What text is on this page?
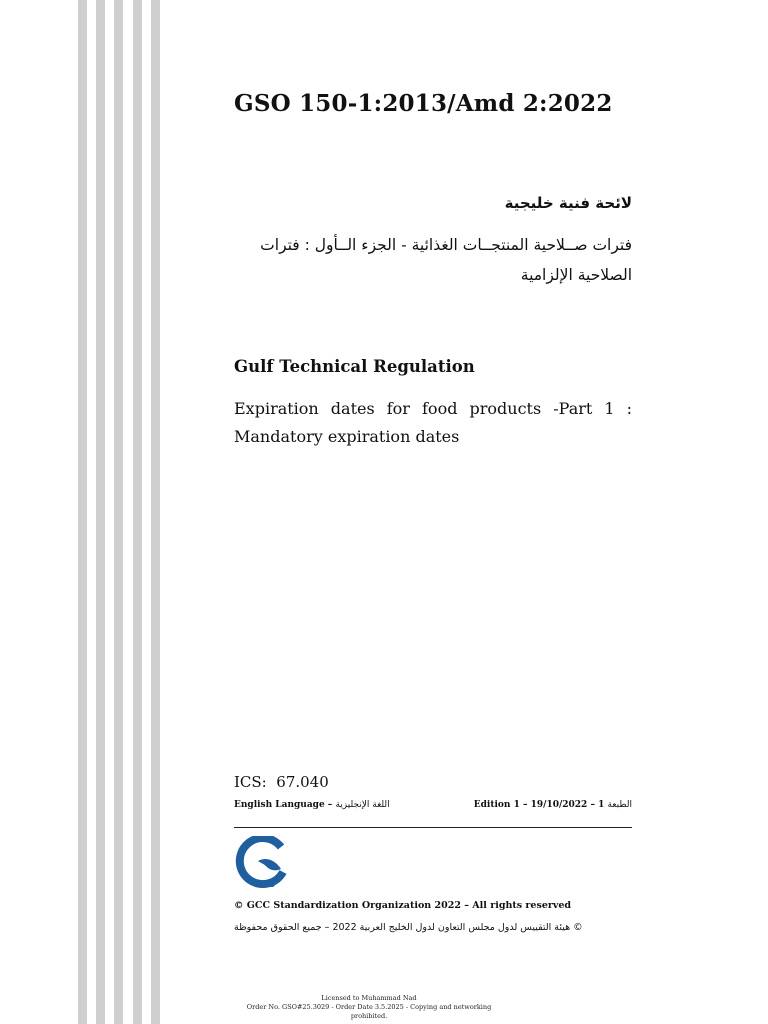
GSO 150-1:2013/Amd 2:2022
لائحة فنية خليجية
فترات صــلاحية المنتجــات الغذائية - الجزء الــأول : فترات الصلاحية الإلزامية
Gulf Technical Regulation
Expiration dates for food products -Part 1 : Mandatory expiration dates
ICS: 67.040
English Language – اللغة الإنجليزية	Edition 1 – 19/10/2022 – 1 الطبعة
GSO
© GCC Standardization Organization 2022 – All rights reserved
هيئة التقييس لدول مجلس التعاون لدول الخليج العربية 2022 – جميع الحقوق محفوظة ©
Licensed to Muhammad Nad
Order No. GSO#25.3029 - Order Date 3.5.2025 - Copying and networking prohibited.
